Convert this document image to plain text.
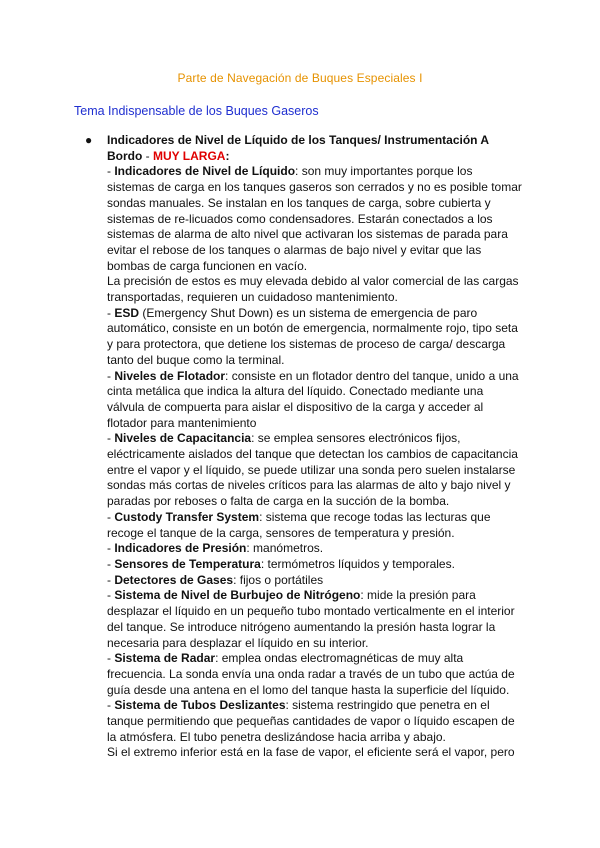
Parte de Navegación de Buques Especiales I
Tema Indispensable de los Buques Gaseros
● Indicadores de Nivel de Líquido de los Tanques/ Instrumentación A
Bordo - MUY LARGA:
- Indicadores de Nivel de Líquido: son muy importantes porque los
sistemas de carga en los tanques gaseros son cerrados y no es posible tomar
sondas manuales. Se instalan en los tanques de carga, sobre cubierta y
sistemas de re-licuados como condensadores. Estarán conectados a los
sistemas de alarma de alto nivel que activaran los sistemas de parada para
evitar el rebose de los tanques o alarmas de bajo nivel y evitar que las
bombas de carga funcionen en vacío.
La precisión de estos es muy elevada debido al valor comercial de las cargas
transportadas, requieren un cuidadoso mantenimiento.
- ESD (Emergency Shut Down) es un sistema de emergencia de paro
automático, consiste en un botón de emergencia, normalmente rojo, tipo seta
y para protectora, que detiene los sistemas de proceso de carga/ descarga
tanto del buque como la terminal.
- Niveles de Flotador: consiste en un flotador dentro del tanque, unido a una
cinta metálica que indica la altura del líquido. Conectado mediante una
válvula de compuerta para aislar el dispositivo de la carga y acceder al
flotador para mantenimiento
- Niveles de Capacitancia: se emplea sensores electrónicos fijos,
eléctricamente aislados del tanque que detectan los cambios de capacitancia
entre el vapor y el líquido, se puede utilizar una sonda pero suelen instalarse
sondas más cortas de niveles críticos para las alarmas de alto y bajo nivel y
paradas por reboses o falta de carga en la succión de la bomba.
- Custody Transfer System: sistema que recoge todas las lecturas que
recoge el tanque de la carga, sensores de temperatura y presión.
- Indicadores de Presión: manómetros.
- Sensores de Temperatura: termómetros líquidos y temporales.
- Detectores de Gases: fijos o portátiles
- Sistema de Nivel de Burbujeo de Nitrógeno: mide la presión para
desplazar el líquido en un pequeño tubo montado verticalmente en el interior
del tanque. Se introduce nitrógeno aumentando la presión hasta lograr la
necesaria para desplazar el líquido en su interior.
- Sistema de Radar: emplea ondas electromagnéticas de muy alta
frecuencia. La sonda envía una onda radar a través de un tubo que actúa de
guía desde una antena en el lomo del tanque hasta la superficie del líquido.
- Sistema de Tubos Deslizantes: sistema restringido que penetra en el
tanque permitiendo que pequeñas cantidades de vapor o líquido escapen de
la atmósfera. El tubo penetra deslizándose hacia arriba y abajo.
Si el extremo inferior está en la fase de vapor, el eficiente será el vapor, pero
